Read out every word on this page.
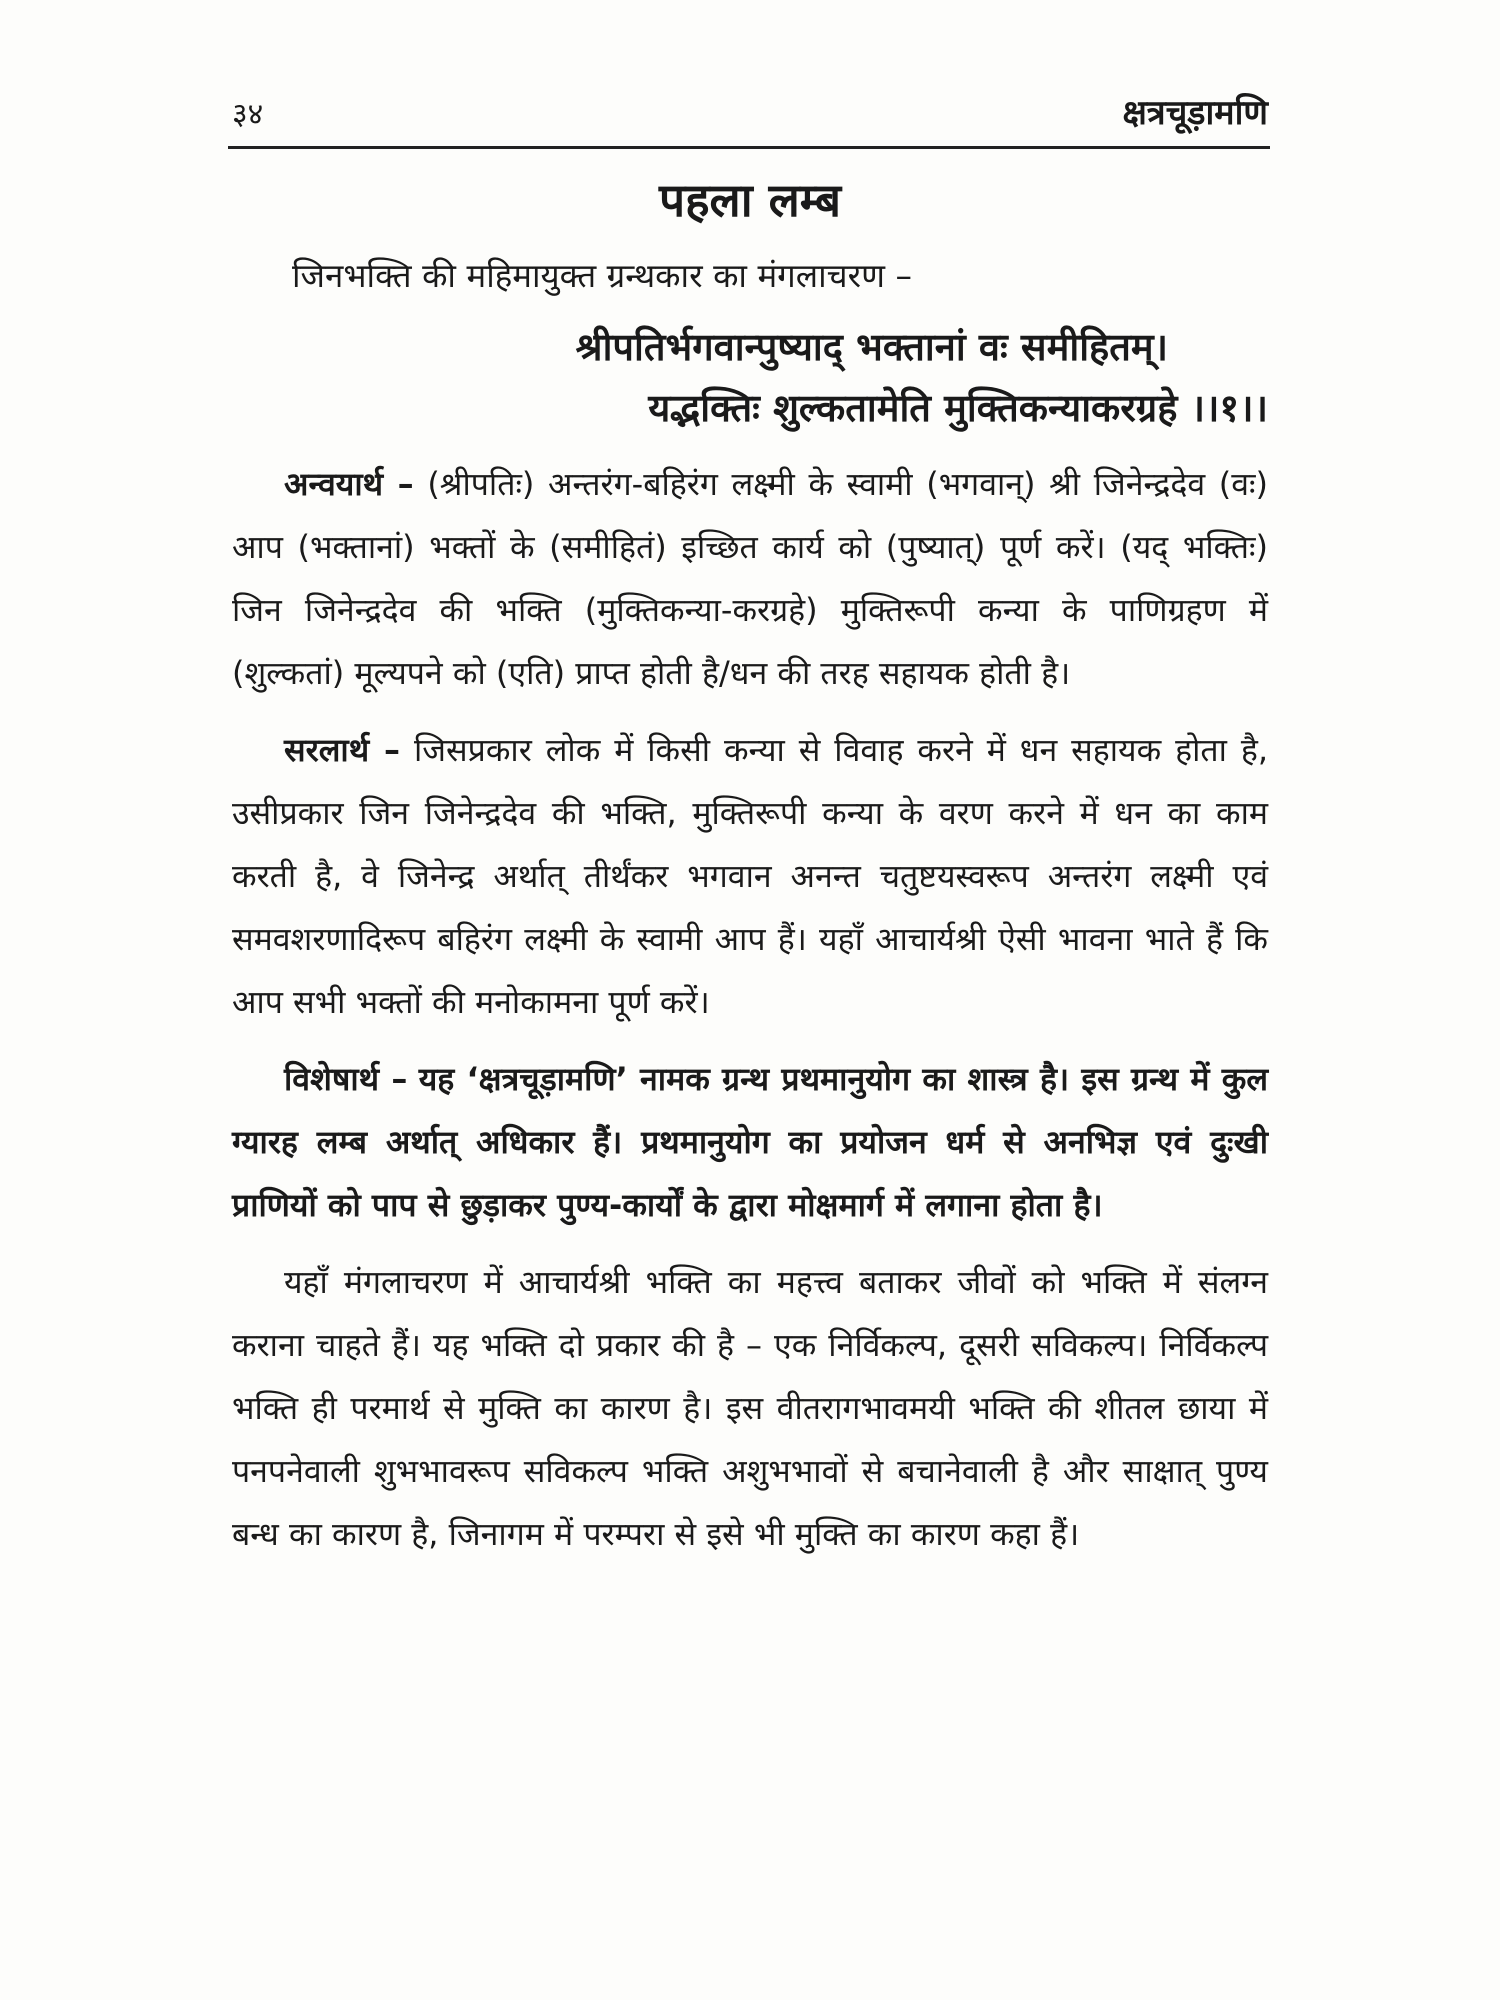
३४	क्षत्रचूड़ामणि
पहला लम्ब
जिनभक्ति की महिमायुक्त ग्रन्थकार का मंगलाचरण –
श्रीपतिर्भगवान्पुष्याद् भक्तानां वः समीहितम्।
यद्भक्तिः शुल्कतामेति मुक्तिकन्याकरग्रहे ।।१।।

अन्वयार्थ – (श्रीपतिः) अन्तरंग-बहिरंग लक्ष्मी के स्वामी (भगवान्) श्री जिनेन्द्रदेव (वः) आप (भक्तानां) भक्तों के (समीहितं) इच्छित कार्य को (पुष्यात्) पूर्ण करें। (यद् भक्तिः) जिन जिनेन्द्रदेव की भक्ति (मुक्तिकन्या-करग्रहे) मुक्तिरूपी कन्या के पाणिग्रहण में (शुल्कतां) मूल्यपने को (एति) प्राप्त होती है/धन की तरह सहायक होती है।

सरलार्थ – जिसप्रकार लोक में किसी कन्या से विवाह करने में धन सहायक होता है, उसीप्रकार जिन जिनेन्द्रदेव की भक्ति, मुक्तिरूपी कन्या के वरण करने में धन का काम करती है, वे जिनेन्द्र अर्थात् तीर्थंकर भगवान अनन्त चतुष्टयस्वरूप अन्तरंग लक्ष्मी एवं समवशरणादिरूप बहिरंग लक्ष्मी के स्वामी आप हैं। यहाँ आचार्यश्री ऐसी भावना भाते हैं कि आप सभी भक्तों की मनोकामना पूर्ण करें।

विशेषार्थ – यह ‘क्षत्रचूड़ामणि’ नामक ग्रन्थ प्रथमानुयोग का शास्त्र है। इस ग्रन्थ में कुल ग्यारह लम्ब अर्थात् अधिकार हैं। प्रथमानुयोग का प्रयोजन धर्म से अनभिज्ञ एवं दुःखी प्राणियों को पाप से छुड़ाकर पुण्य-कार्यों के द्वारा मोक्षमार्ग में लगाना होता है।

यहाँ मंगलाचरण में आचार्यश्री भक्ति का महत्त्व बताकर जीवों को भक्ति में संलग्न कराना चाहते हैं। यह भक्ति दो प्रकार की है – एक निर्विकल्प, दूसरी सविकल्प। निर्विकल्प भक्ति ही परमार्थ से मुक्ति का कारण है। इस वीतरागभावमयी भक्ति की शीतल छाया में पनपनेवाली शुभभावरूप सविकल्प भक्ति अशुभभावों से बचानेवाली है और साक्षात् पुण्य बन्ध का कारण है, जिनागम में परम्परा से इसे भी मुक्ति का कारण कहा हैं।
